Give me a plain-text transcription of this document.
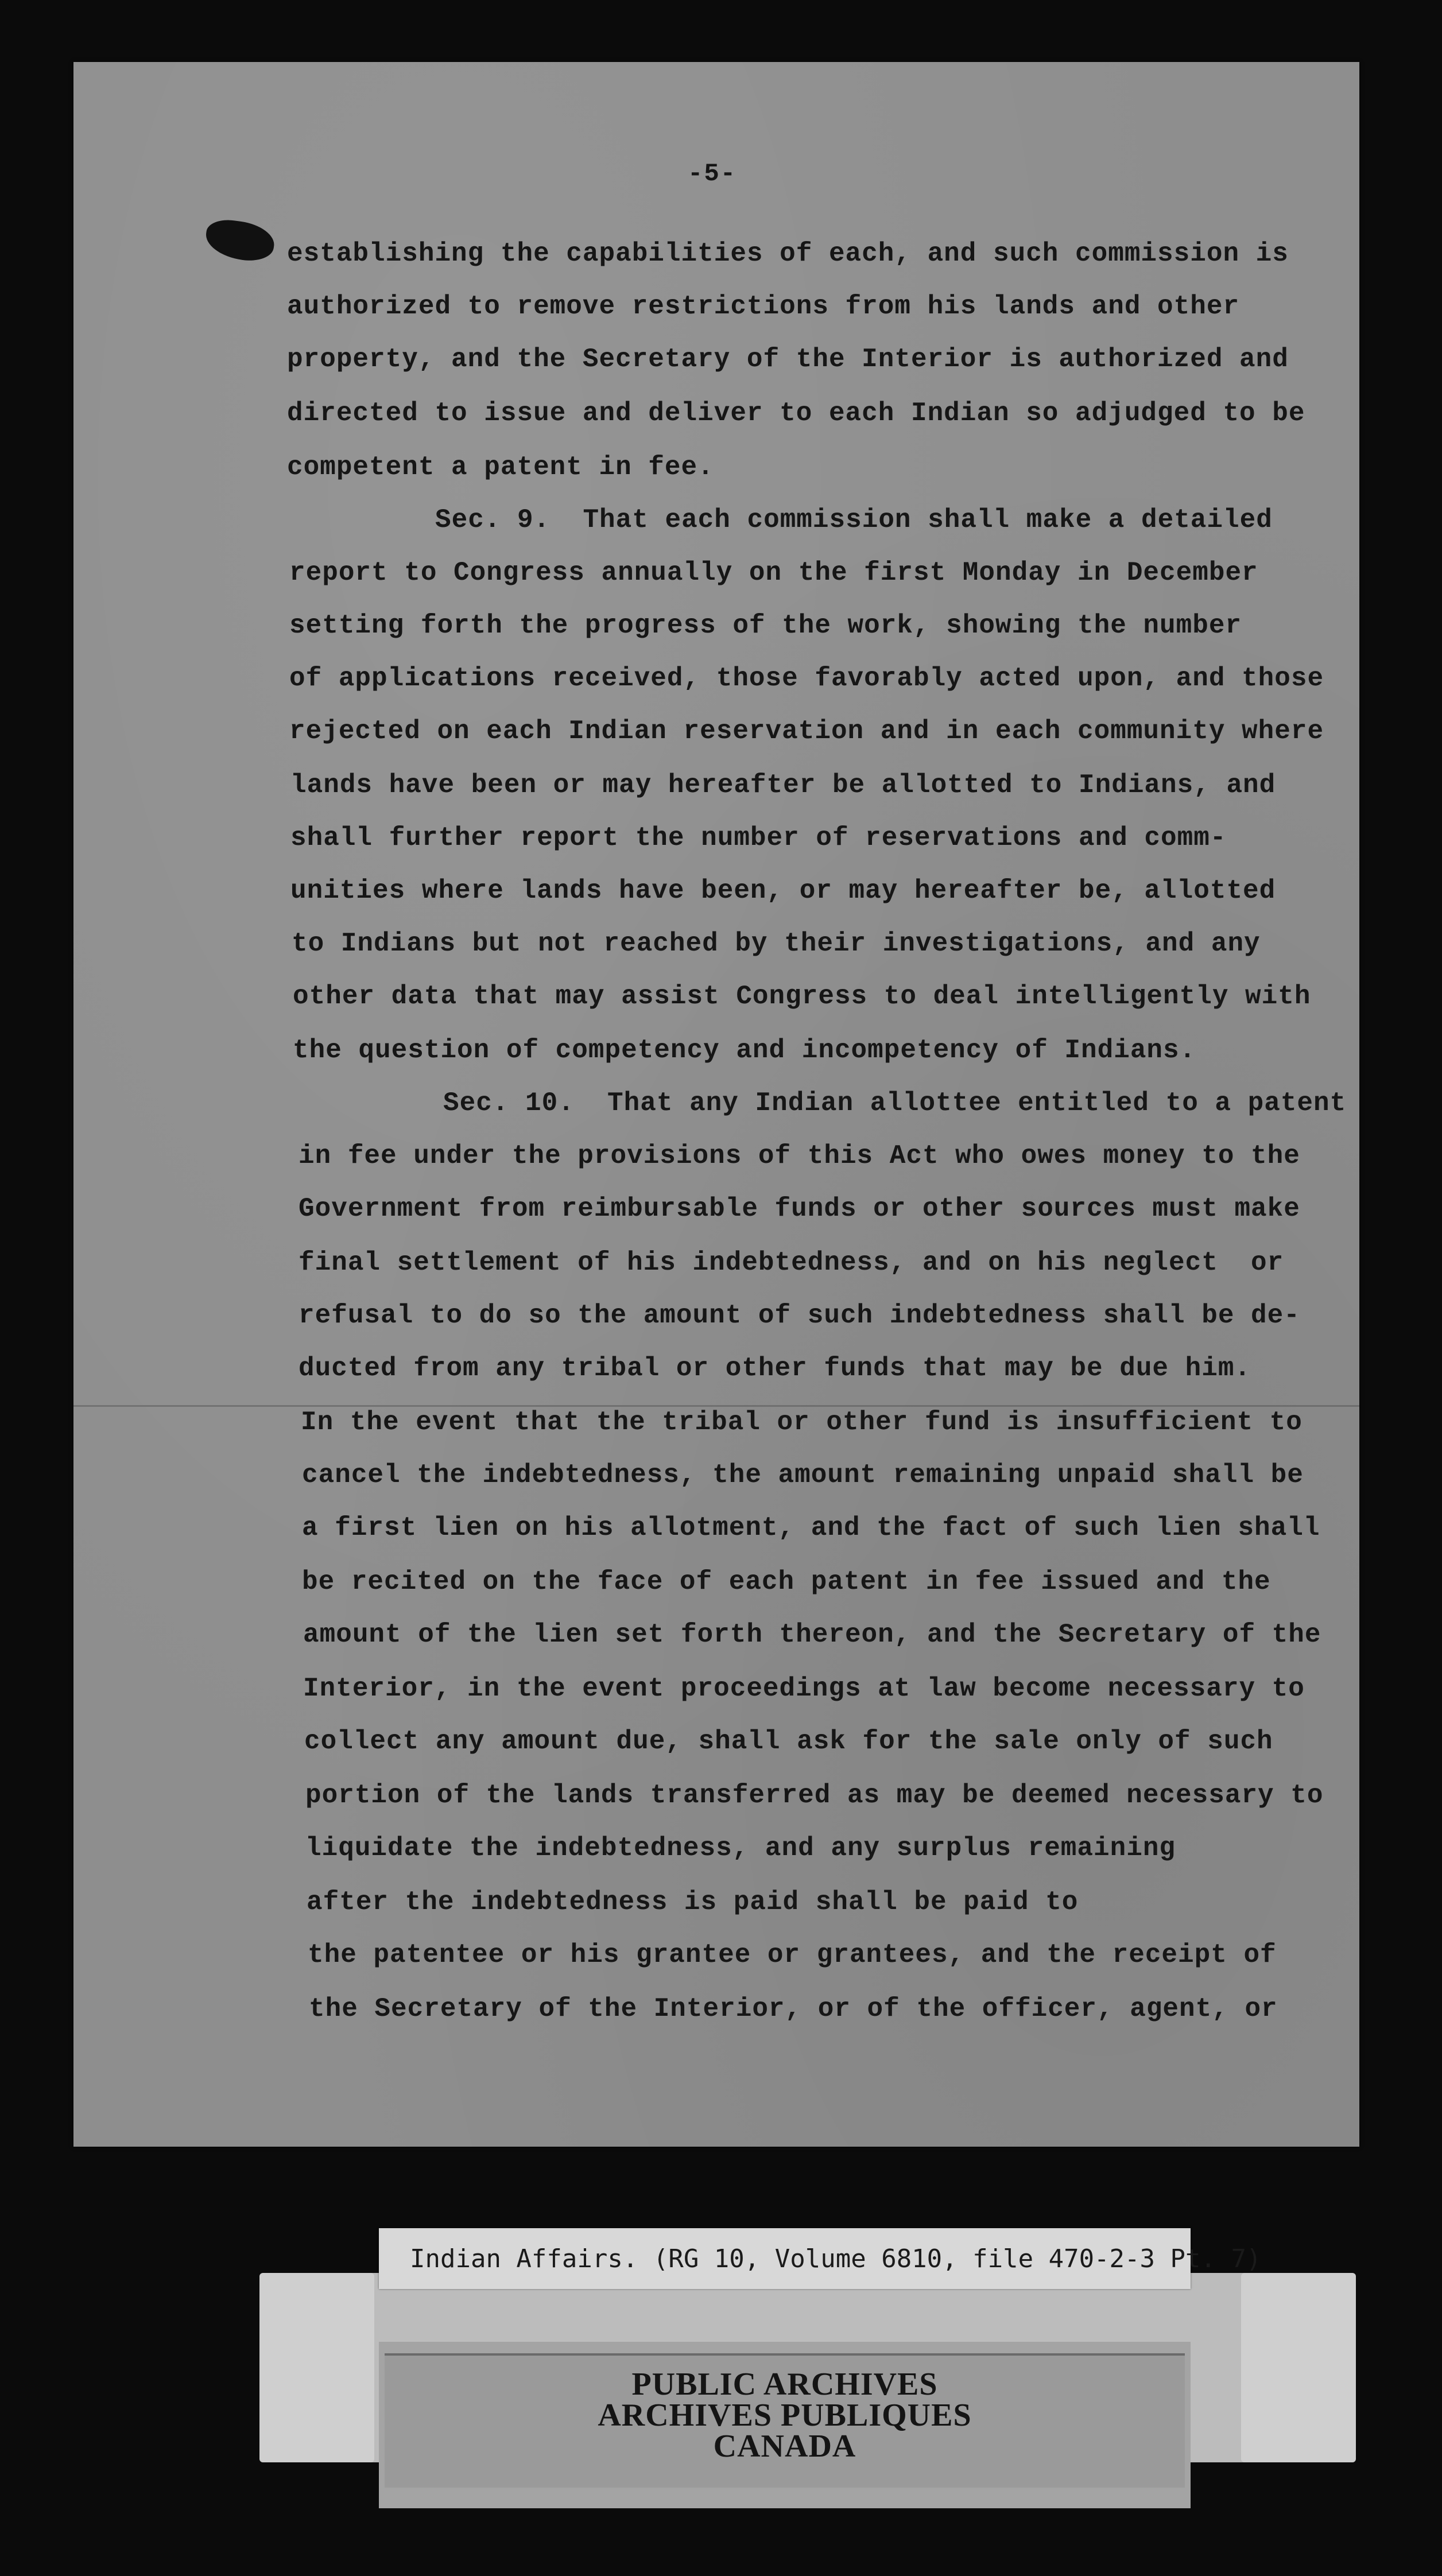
-5-
establishing the capabilities of each, and such commission is
authorized to remove restrictions from his lands and other
property, and the Secretary of the Interior is authorized and
directed to issue and deliver to each Indian so adjudged to be
competent a patent in fee.
Sec. 9.  That each commission shall make a detailed
report to Congress annually on the first Monday in December
setting forth the progress of the work, showing the number
of applications received, those favorably acted upon, and those
rejected on each Indian reservation and in each community where
lands have been or may hereafter be allotted to Indians, and
shall further report the number of reservations and comm-
unities where lands have been, or may hereafter be, allotted
to Indians but not reached by their investigations, and any
other data that may assist Congress to deal intelligently with
the question of competency and incompetency of Indians.
Sec. 10.  That any Indian allottee entitled to a patent
in fee under the provisions of this Act who owes money to the
Government from reimbursable funds or other sources must make
final settlement of his indebtedness, and on his neglect  or
refusal to do so the amount of such indebtedness shall be de-
ducted from any tribal or other funds that may be due him.
In the event that the tribal or other fund is insufficient to
cancel the indebtedness, the amount remaining unpaid shall be
a first lien on his allotment, and the fact of such lien shall
be recited on the face of each patent in fee issued and the
amount of the lien set forth thereon, and the Secretary of the
Interior, in the event proceedings at law become necessary to
collect any amount due, shall ask for the sale only of such
portion of the lands transferred as may be deemed necessary to
liquidate the indebtedness, and any surplus remaining
after the indebtedness is paid shall be paid to
the patentee or his grantee or grantees, and the receipt of
the Secretary of the Interior, or of the officer, agent, or
Indian Affairs. (RG 10, Volume 6810, file 470-2-3 Pt. 7)
PUBLIC ARCHIVES
ARCHIVES PUBLIQUES
CANADA
